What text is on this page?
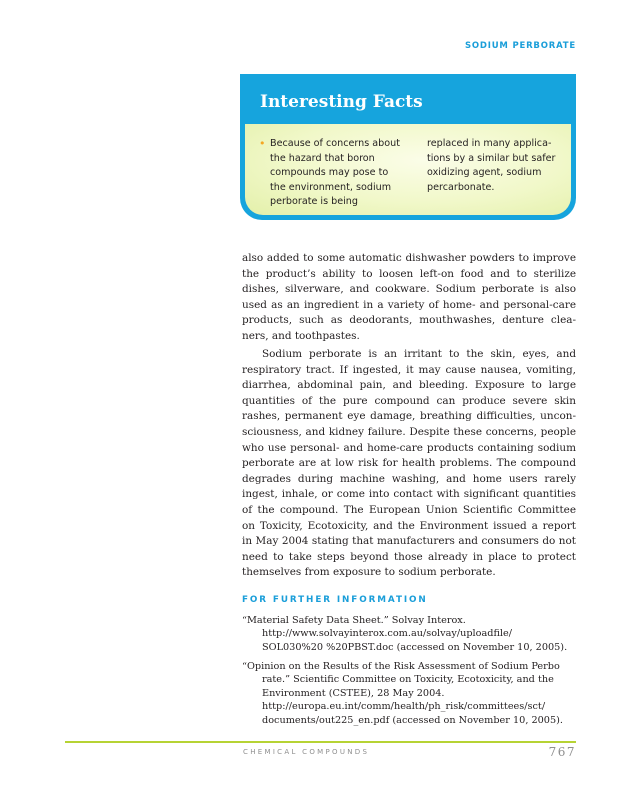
SODIUM PERBORATE
Interesting Facts
• Because of concerns about
the hazard that boron
compounds may pose to
the environment, sodium
perborate is being
replaced in many applica-
tions by a similar but safer
oxidizing agent, sodium
percarbonate.
also added to some automatic dishwasher powders to improve the product’s ability to loosen left-on food and to sterilize dishes, silverware, and cookware. Sodium perborate is also used as an ingredient in a variety of home- and personal-care products, such as deodorants, mouthwashes, denture clea-ners, and toothpastes.
Sodium perborate is an irritant to the skin, eyes, and respiratory tract. If ingested, it may cause nausea, vomiting, diarrhea, abdominal pain, and bleeding. Exposure to large quantities of the pure compound can produce severe skin rashes, permanent eye damage, breathing difficulties, uncon-sciousness, and kidney failure. Despite these concerns, people who use personal- and home-care products containing sodium perborate are at low risk for health problems. The compound degrades during machine washing, and home users rarely ingest, inhale, or come into contact with significant quantities of the compound. The European Union Scientific Committee on Toxicity, Ecotoxicity, and the Environment issued a report in May 2004 stating that manufacturers and consumers do not need to take steps beyond those already in place to protect themselves from exposure to sodium perborate.
FOR FURTHER INFORMATION
“Material Safety Data Sheet.” Solvay Interox.
http://www.solvayinterox.com.au/solvay/uploadfile/
SOL030%20 %20PBST.doc (accessed on November 10, 2005).
“Opinion on the Results of the Risk Assessment of Sodium Perbo
rate.” Scientific Committee on Toxicity, Ecotoxicity, and the
Environment (CSTEE), 28 May 2004.
http://europa.eu.int/comm/health/ph_risk/committees/sct/
documents/out225_en.pdf (accessed on November 10, 2005).
CHEMICAL COMPOUNDS	767
